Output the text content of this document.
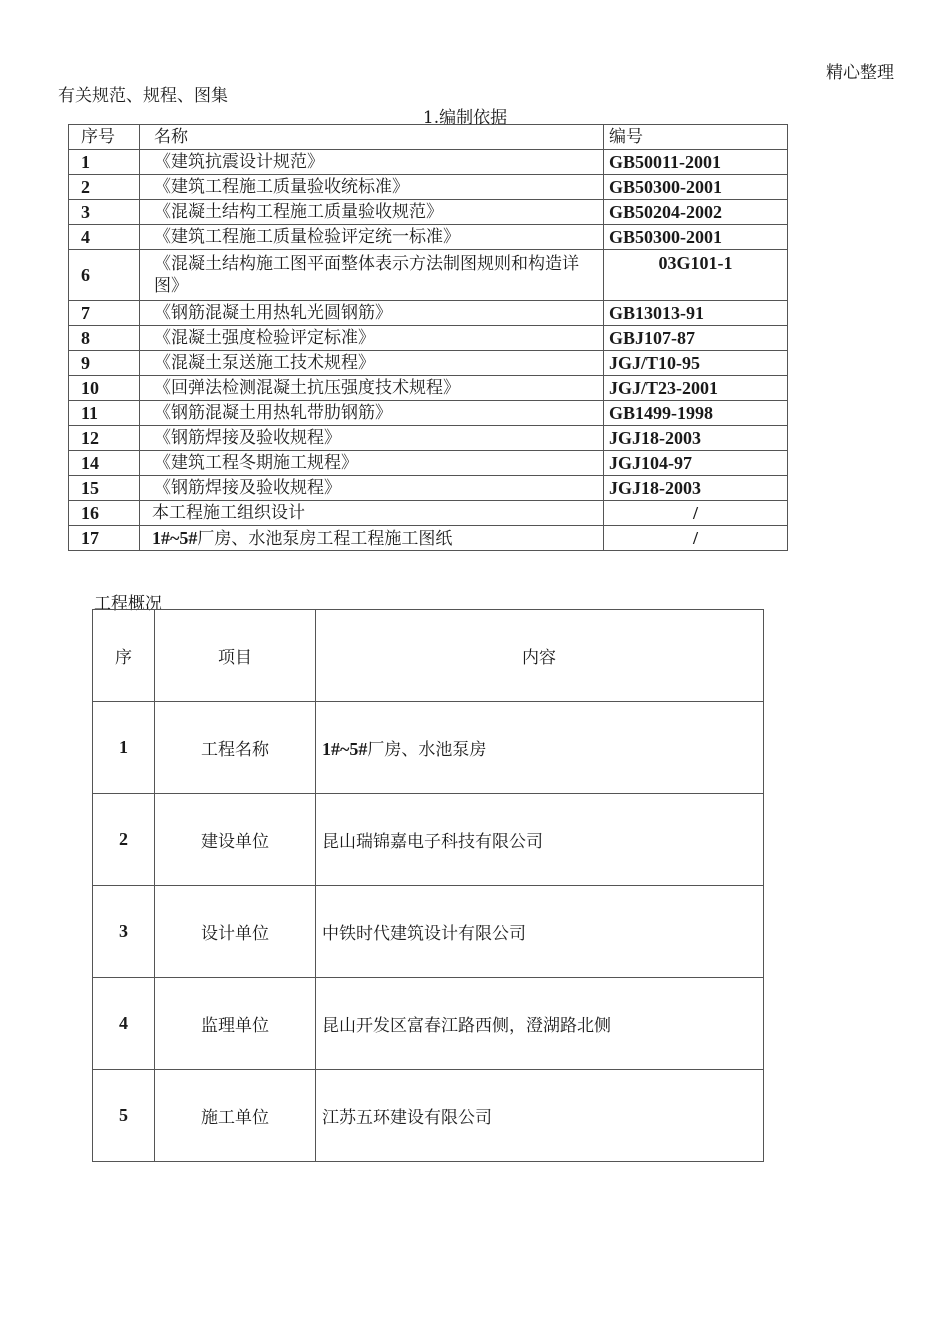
精心整理
有关规范、规程、图集
1.编制依据
序号	名称	编号
1	《建筑抗震设计规范》	GB50011-2001
2	《建筑工程施工质量验收统标准》	GB50300-2001
3	《混凝土结构工程施工质量验收规范》	GB50204-2002
4	《建筑工程施工质量检验评定统一标准》	GB50300-2001
6	《混凝土结构施工图平面整体表示方法制图规则和构造详图》	03G101-1
7	《钢筋混凝土用热轧光圆钢筋》	GB13013-91
8	《混凝土强度检验评定标准》	GBJ107-87
9	《混凝土泵送施工技术规程》	JGJ/T10-95
10	《回弹法检测混凝土抗压强度技术规程》	JGJ/T23-2001
11	《钢筋混凝土用热轧带肋钢筋》	GB1499-1998
12	《钢筋焊接及验收规程》	JGJ18-2003
14	《建筑工程冬期施工规程》	JGJ104-97
15	《钢筋焊接及验收规程》	JGJ18-2003
16	本工程施工组织设计	/
17	1#~5#厂房、水池泵房工程工程施工图纸	/
工程概况
序	项目	内容
1	工程名称	1#~5#厂房、水池泵房
2	建设单位	昆山瑞锦嘉电子科技有限公司
3	设计单位	中铁时代建筑设计有限公司
4	监理单位	昆山开发区富春江路西侧，澄湖路北侧
5	施工单位	江苏五环建设有限公司
